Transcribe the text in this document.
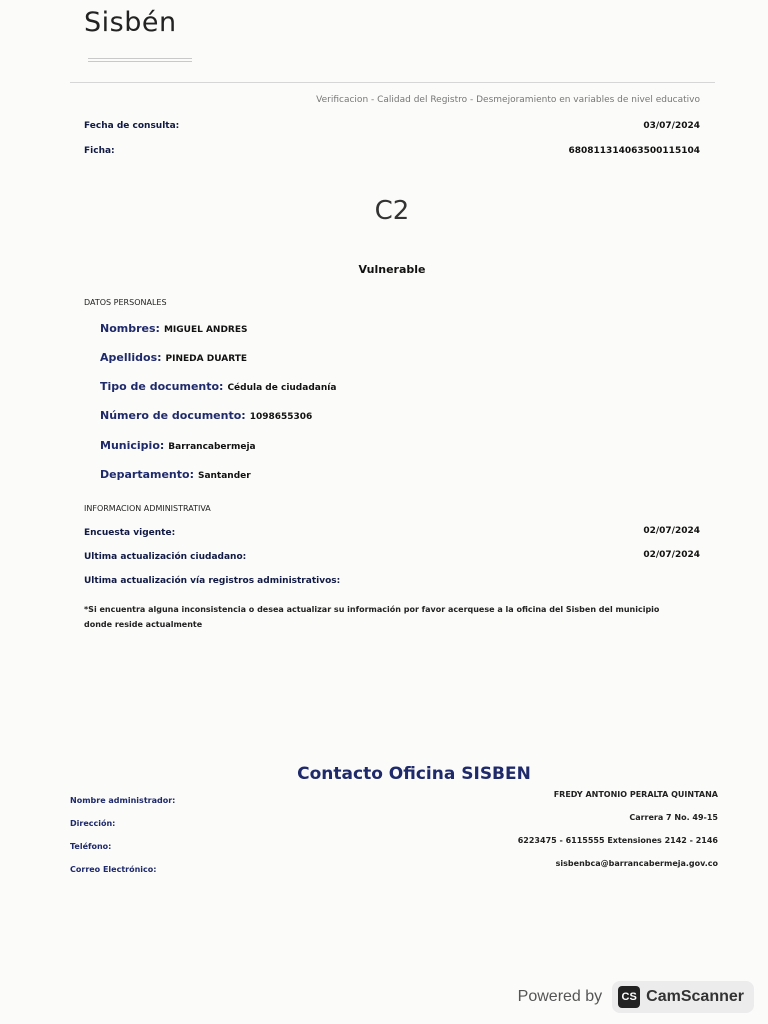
Sisbén
Verificacion - Calidad del Registro - Desmejoramiento en variables de nivel educativo
Fecha de consulta:	03/07/2024
Ficha:	68081131406350011510​4
C2
Vulnerable
DATOS PERSONALES
Nombres: MIGUEL ANDRES
Apellidos: PINEDA DUARTE
Tipo de documento: Cédula de ciudadanía
Número de documento: 1098655306
Municipio: Barrancabermeja
Departamento: Santander
INFORMACION ADMINISTRATIVA
Encuesta vigente:	02/07/2024
Ultima actualización ciudadano:	02/07/2024
Ultima actualización vía registros administrativos:
*Si encuentra alguna inconsistencia o desea actualizar su información por favor acerquese a la oficina del Sisben del municipio donde reside actualmente
Contacto Oficina SISBEN
Nombre administrador:
FREDY ANTONIO PERALTA QUINTANA
Dirección:
Carrera 7 No. 49-15
Teléfono:
6223475 - 6115555 Extensiones 2142 - 2146
Correo Electrónico:
sisbenbca@barrancabermeja.gov.co
Powered by	CS CamScanner
